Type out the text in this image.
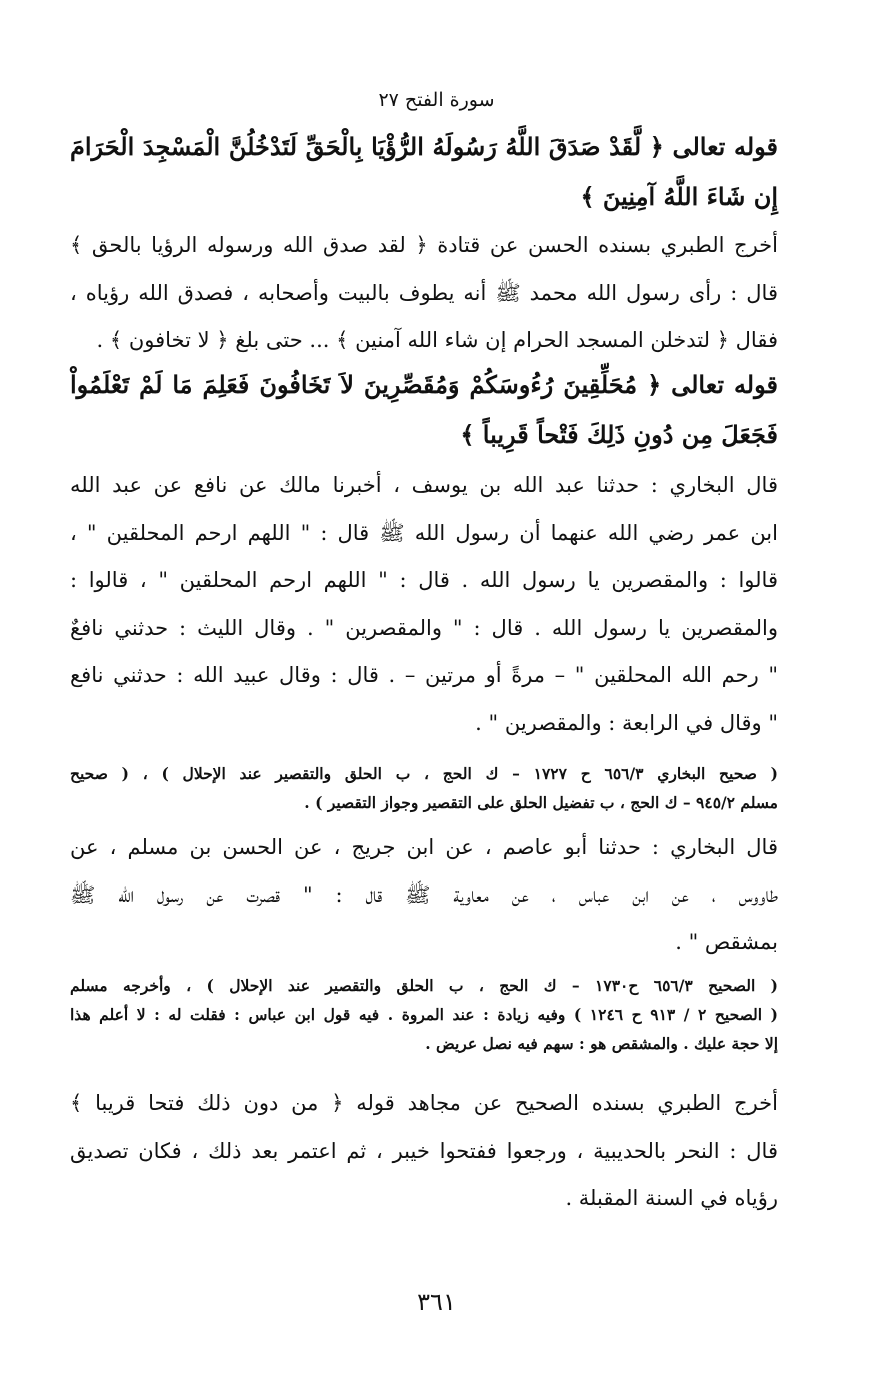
سورة الفتح ٢٧
قوله تعالى ﴿ لَّقَدْ صَدَقَ اللَّهُ رَسُولَهُ الرُّؤْيَا بِالْحَقِّ لَتَدْخُلُنَّ الْمَسْجِدَ الْحَرَامَ
إِن شَاءَ اللَّهُ آمِنِينَ ﴾
أخرج الطبري بسنده الحسن عن قتادة ﴿ لقد صدق الله ورسوله الرؤيا بالحق ﴾
قال : رأى رسول الله محمد ﷺ أنه يطوف بالبيت وأصحابه ، فصدق الله رؤياه ،
فقال ﴿ لتدخلن المسجد الحرام إن شاء الله آمنين ﴾ ... حتى بلغ ﴿ لا تخافون ﴾ .
قوله تعالى ﴿ مُحَلِّقِينَ رُءُوسَكُمْ وَمُقَصِّرِينَ لاَ تَخَافُونَ فَعَلِمَ مَا لَمْ تَعْلَمُواْ
فَجَعَلَ مِن دُونِ ذَلِكَ فَتْحاً قَرِيباً ﴾
قال البخاري : حدثنا عبد الله بن يوسف ، أخبرنا مالك عن نافع عن عبد الله
ابن عمر رضي الله عنهما أن رسول الله ﷺ قال : " اللهم ارحم المحلقين " ،
قالوا : والمقصرين يا رسول الله . قال : " اللهم ارحم المحلقين " ، قالوا :
والمقصرين يا رسول الله . قال : " والمقصرين " . وقال الليث : حدثني نافعٌ
" رحم الله المحلقين " – مرةً أو مرتين – . قال : وقال عبيد الله : حدثني نافع
" وقال في الرابعة : والمقصرين " .
( صحيح البخاري ٦٥٦/٣ ح ١٧٢٧ – ك الحج ، ب الحلق والتقصير عند الإحلال ) ، ( صحيح
مسلم ٩٤٥/٢ – ك الحج ، ب تفضيل الحلق على التقصير وجواز التقصير ) .
قال البخاري : حدثنا أبو عاصم ، عن ابن جريج ، عن الحسن بن مسلم ، عن
طاووس ، عن ابن عباس ، عن معاوية ﷺ قال : " قصرت عن رسول الله ﷺ
بمشقص " .
( الصحيح ٦٥٦/٣ ح١٧٣٠ – ك الحج ، ب الحلق والتقصير عند الإحلال ) ، وأخرجه مسلم
( الصحيح ٢ / ٩١٣ ح ١٢٤٦ ) وفيه زيادة : عند المروة . فيه قول ابن عباس : فقلت له : لا أعلم هذا
إلا حجة عليك . والمشقص هو : سهم فيه نصل عريض .
أخرج الطبري بسنده الصحيح عن مجاهد قوله ﴿ من دون ذلك فتحا قريبا ﴾
قال : النحر بالحديبية ، ورجعوا ففتحوا خيبر ، ثم اعتمر بعد ذلك ، فكان تصديق
رؤياه في السنة المقبلة .
٣٦١
